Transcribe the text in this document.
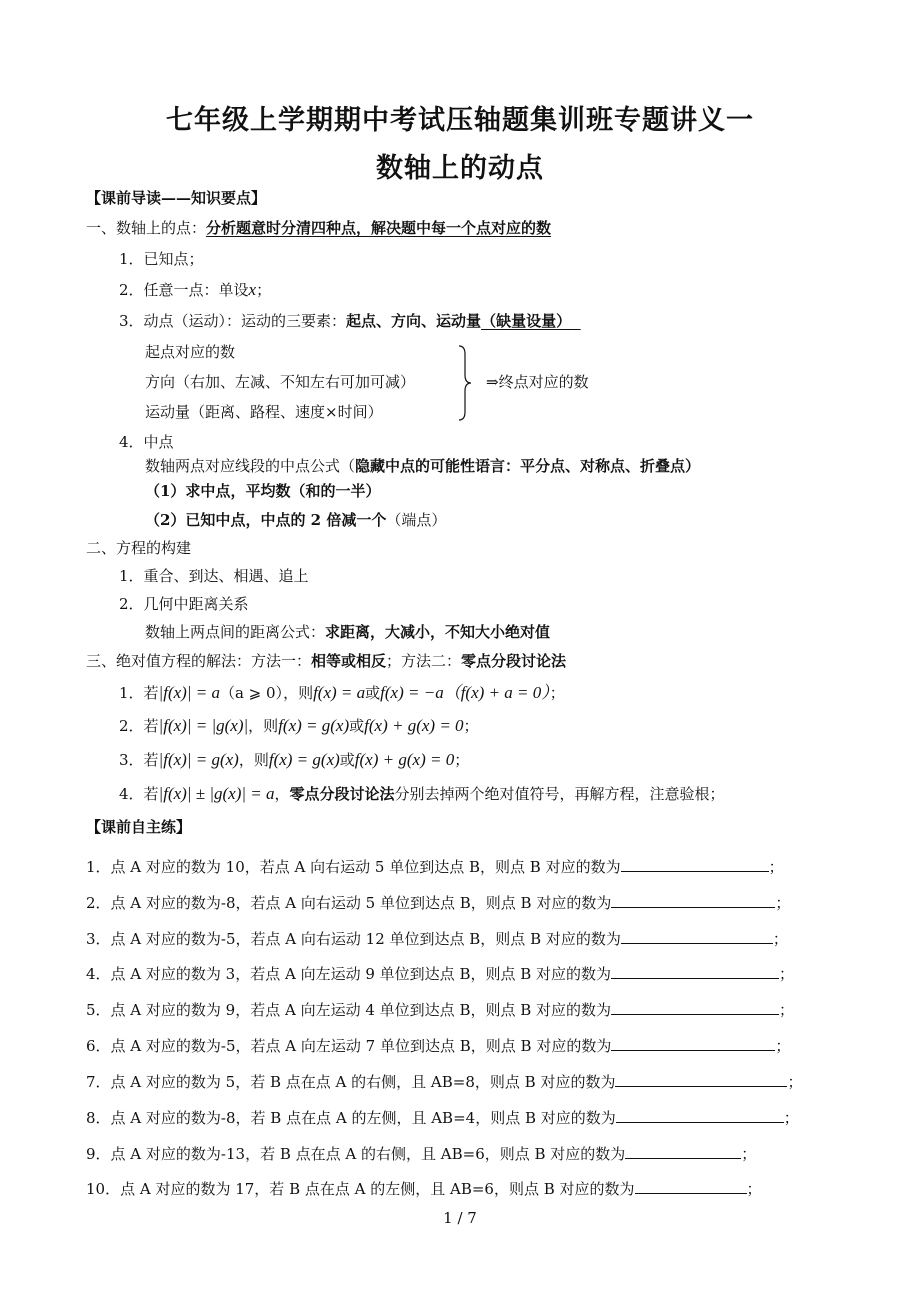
七年级上学期期中考试压轴题集训班专题讲义一
数轴上的动点
【课前导读——知识要点】
一、数轴上的点：分析题意时分清四种点，解决题中每一个点对应的数
1．已知点；
2．任意一点：单设x；
3．动点（运动）：运动的三要素：起点、方向、运动量（缺量设量）
起点对应的数
方向（右加、左减、不知左右可加可减）
运动量（距离、路程、速度×时间）
⇒终点对应的数
4．中点
数轴两点对应线段的中点公式（隐藏中点的可能性语言：平分点、对称点、折叠点）
（1）求中点，平均数（和的一半）
（2）已知中点，中点的 2 倍减一个（端点）
二、方程的构建
1．重合、到达、相遇、追上
2．几何中距离关系
数轴上两点间的距离公式：求距离，大减小，不知大小绝对值
三、绝对值方程的解法：方法一：相等或相反；方法二：零点分段讨论法
1．若|f(x)| = a（a ⩾ 0），则f(x) = a或f(x) = −a（f(x) + a = 0）；
2．若|f(x)| = |g(x)|，则f(x) = g(x)或f(x) + g(x) = 0；
3．若|f(x)| = g(x)，则f(x) = g(x)或f(x) + g(x) = 0；
4．若|f(x)| ± |g(x)| = a，零点分段讨论法分别去掉两个绝对值符号，再解方程，注意验根；
【课前自主练】
1．点 A 对应的数为 10，若点 A 向右运动 5 单位到达点 B，则点 B 对应的数为	；
2．点 A 对应的数为-8，若点 A 向右运动 5 单位到达点 B，则点 B 对应的数为	；
3．点 A 对应的数为-5，若点 A 向右运动 12 单位到达点 B，则点 B 对应的数为	；
4．点 A 对应的数为 3，若点 A 向左运动 9 单位到达点 B，则点 B 对应的数为	；
5．点 A 对应的数为 9，若点 A 向左运动 4 单位到达点 B，则点 B 对应的数为	；
6．点 A 对应的数为-5，若点 A 向左运动 7 单位到达点 B，则点 B 对应的数为	；
7．点 A 对应的数为 5，若 B 点在点 A 的右侧，且 AB=8，则点 B 对应的数为	；
8．点 A 对应的数为-8，若 B 点在点 A 的左侧，且 AB=4，则点 B 对应的数为	；
9．点 A 对应的数为-13，若 B 点在点 A 的右侧，且 AB=6，则点 B 对应的数为	；
10．点 A 对应的数为 17，若 B 点在点 A 的左侧，且 AB=6，则点 B 对应的数为	；
1 / 7
